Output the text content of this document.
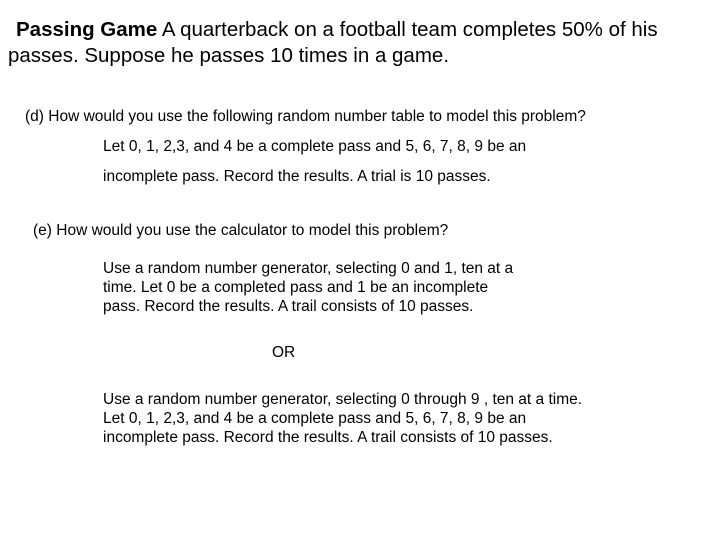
Passing Game A quarterback on a football team completes 50% of his passes. Suppose he passes 10 times in a game.
(d) How would you use the following random number table to model this problem?
Let 0, 1, 2,3, and 4 be a complete pass and 5, 6, 7, 8, 9 be an
incomplete pass. Record the results. A trial is 10 passes.
(e) How would you use the calculator to model this problem?
Use a random number generator, selecting 0 and 1, ten at a
time. Let 0 be a completed pass and 1 be an incomplete
pass. Record the results. A trail consists of 10 passes.
OR
Use a random number generator, selecting 0 through 9 , ten at a time.
Let 0, 1, 2,3, and 4 be a complete pass and 5, 6, 7, 8, 9 be an
incomplete pass. Record the results. A trail consists of 10 passes.
